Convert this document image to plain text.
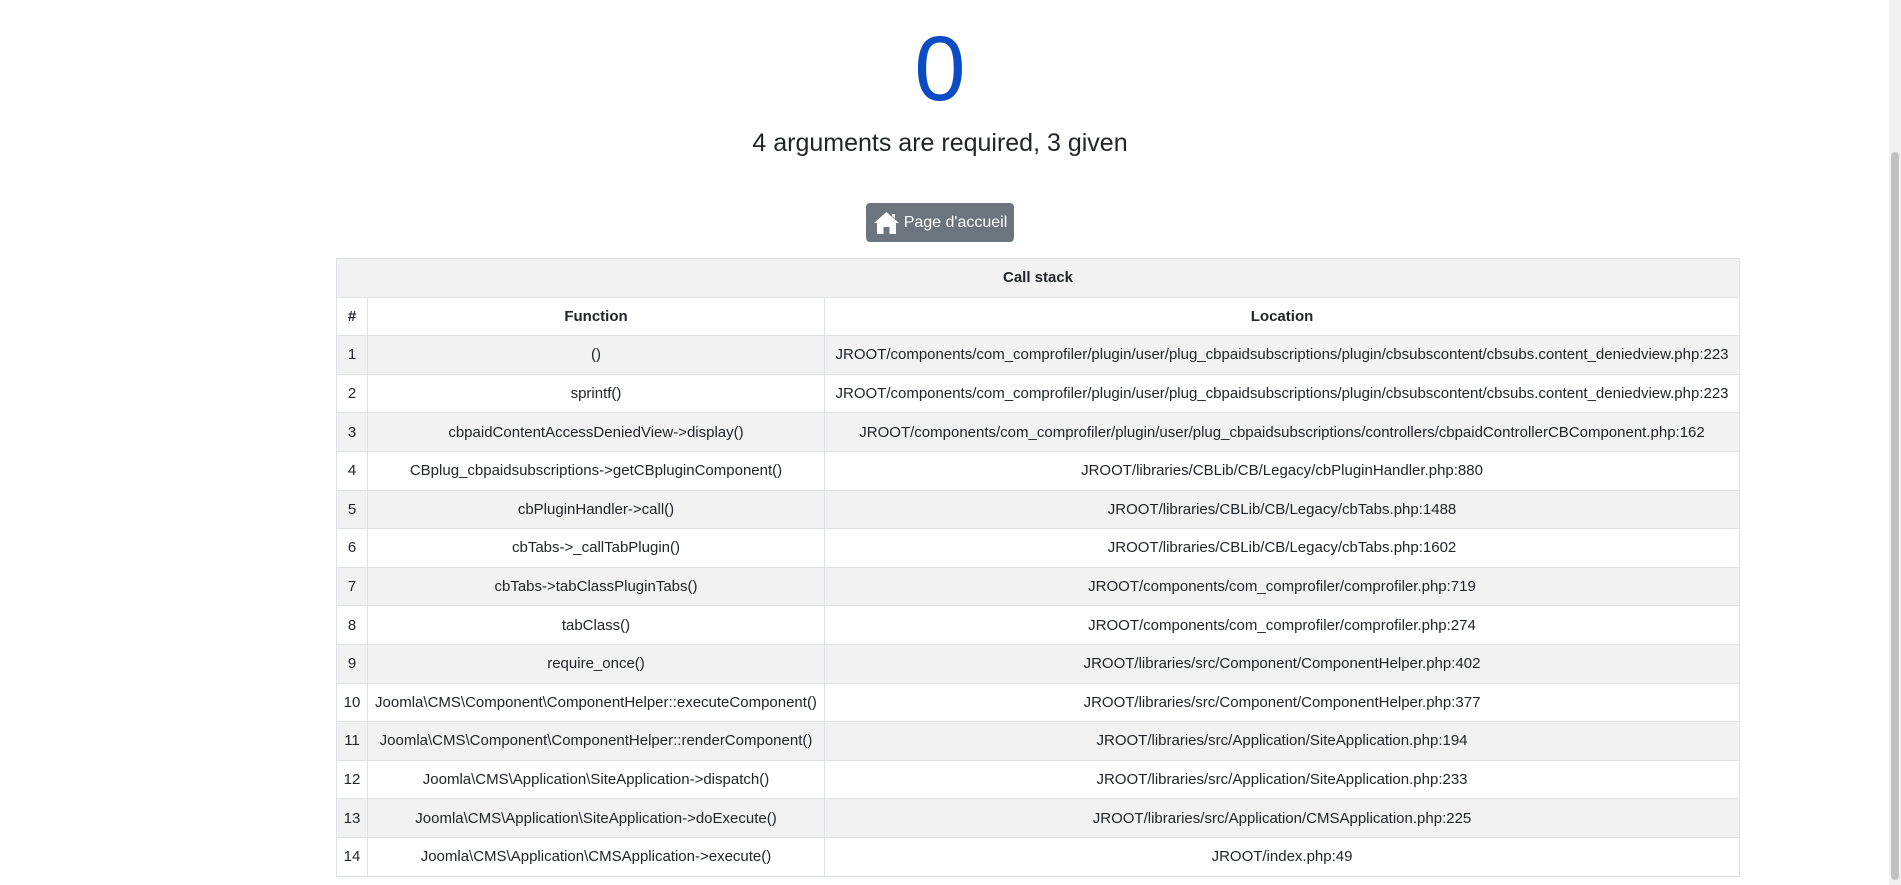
0
4 arguments are required, 3 given
Page d'accueil
Call stack		
#	Function	Location
1	()	JROOT/components/com_comprofiler/plugin/user/plug_cbpaidsubscriptions/plugin/cbsubscontent/cbsubs.content_deniedview.php:223
2	sprintf()	JROOT/components/com_comprofiler/plugin/user/plug_cbpaidsubscriptions/plugin/cbsubscontent/cbsubs.content_deniedview.php:223
3	cbpaidContentAccessDeniedView->display()	JROOT/components/com_comprofiler/plugin/user/plug_cbpaidsubscriptions/controllers/cbpaidControllerCBComponent.php:162
4	CBplug_cbpaidsubscriptions->getCBpluginComponent()	JROOT/libraries/CBLib/CB/Legacy/cbPluginHandler.php:880
5	cbPluginHandler->call()	JROOT/libraries/CBLib/CB/Legacy/cbTabs.php:1488
6	cbTabs->_callTabPlugin()	JROOT/libraries/CBLib/CB/Legacy/cbTabs.php:1602
7	cbTabs->tabClassPluginTabs()	JROOT/components/com_comprofiler/comprofiler.php:719
8	tabClass()	JROOT/components/com_comprofiler/comprofiler.php:274
9	require_once()	JROOT/libraries/src/Component/ComponentHelper.php:402
10	Joomla\CMS\Component\ComponentHelper::executeComponent()	JROOT/libraries/src/Component/ComponentHelper.php:377
11	Joomla\CMS\Component\ComponentHelper::renderComponent()	JROOT/libraries/src/Application/SiteApplication.php:194
12	Joomla\CMS\Application\SiteApplication->dispatch()	JROOT/libraries/src/Application/SiteApplication.php:233
13	Joomla\CMS\Application\SiteApplication->doExecute()	JROOT/libraries/src/Application/CMSApplication.php:225
14	Joomla\CMS\Application\CMSApplication->execute()	JROOT/index.php:49
